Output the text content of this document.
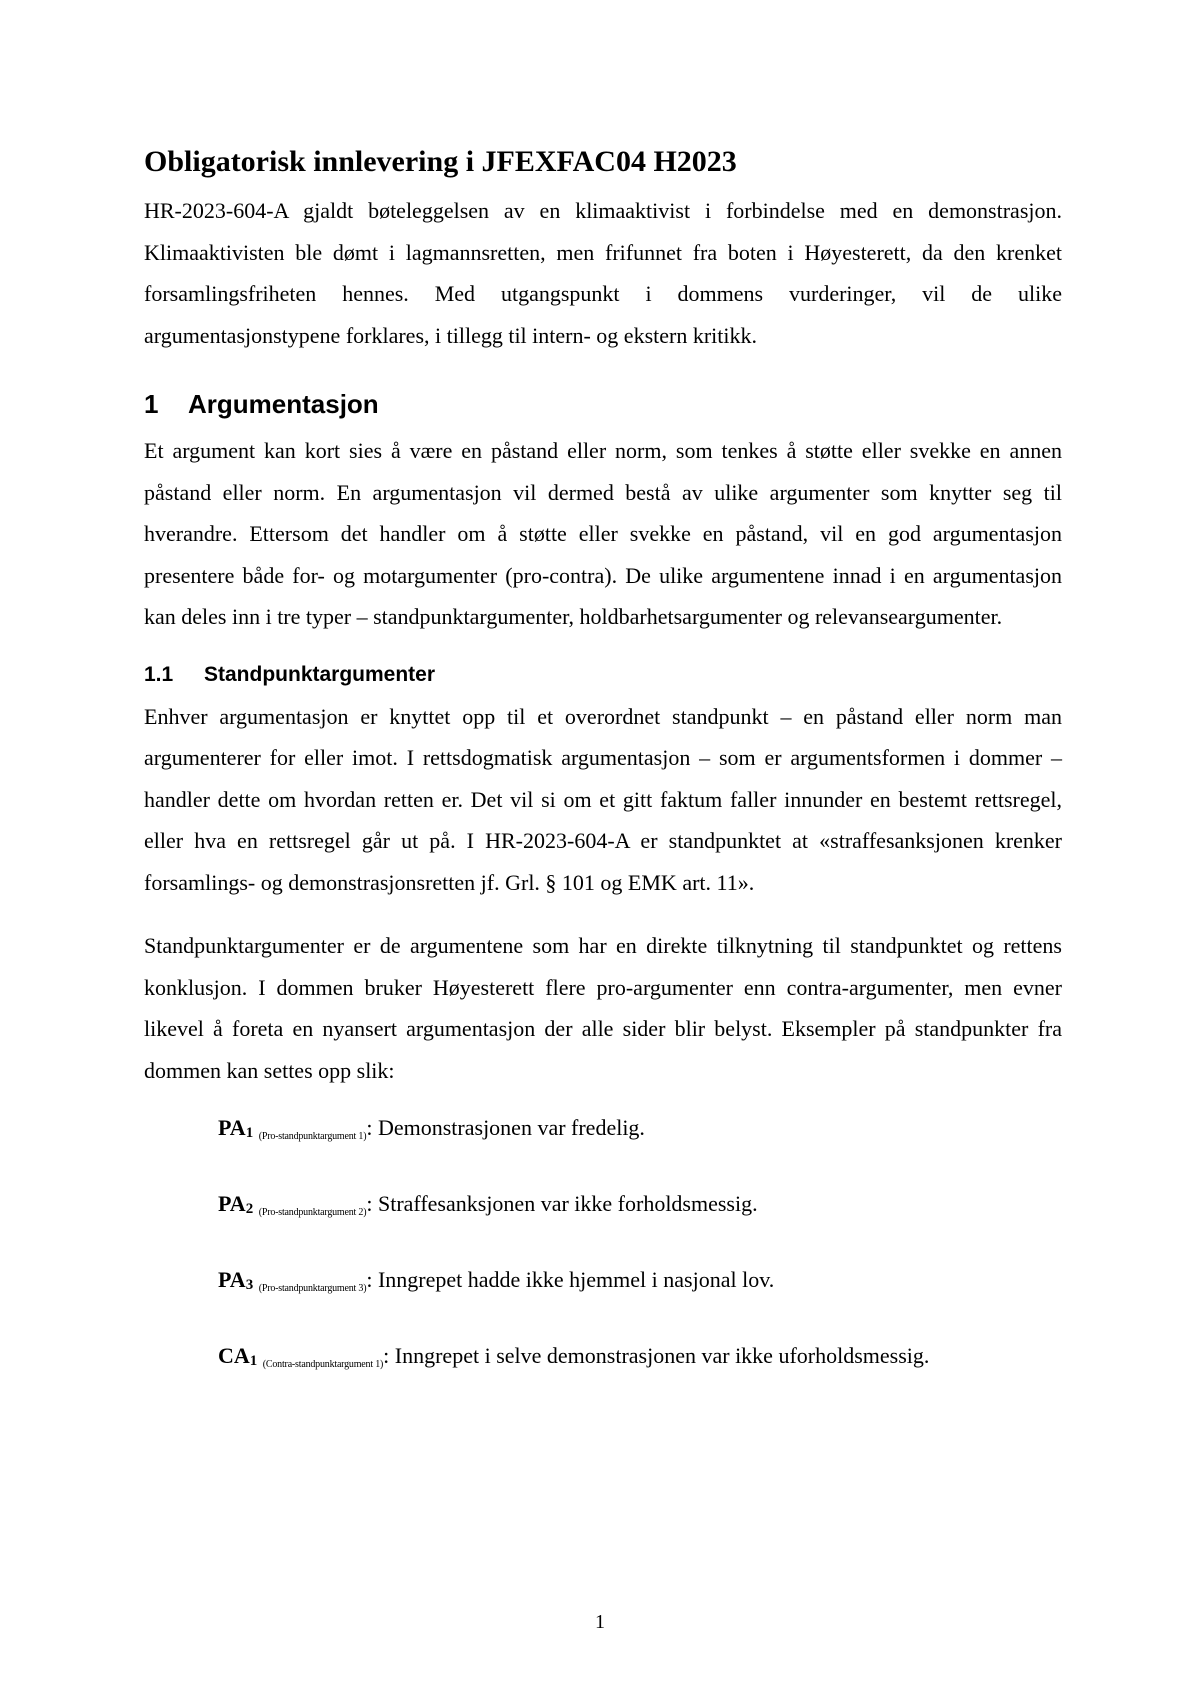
Obligatorisk innlevering i JFEXFAC04 H2023

HR-2023-604-A gjaldt bøteleggelsen av en klimaaktivist i forbindelse med en demonstrasjon. Klimaaktivisten ble dømt i lagmannsretten, men frifunnet fra boten i Høyesterett, da den krenket forsamlingsfriheten hennes. Med utgangspunkt i dommens vurderinger, vil de ulike argumentasjonstypene forklares, i tillegg til intern- og ekstern kritikk.

1 Argumentasjon

Et argument kan kort sies å være en påstand eller norm, som tenkes å støtte eller svekke en annen påstand eller norm. En argumentasjon vil dermed bestå av ulike argumenter som knytter seg til hverandre. Ettersom det handler om å støtte eller svekke en påstand, vil en god argumentasjon presentere både for- og motargumenter (pro-contra). De ulike argumentene innad i en argumentasjon kan deles inn i tre typer – standpunktargumenter, holdbarhetsargumenter og relevanseargumenter.

1.1 Standpunktargumenter

Enhver argumentasjon er knyttet opp til et overordnet standpunkt – en påstand eller norm man argumenterer for eller imot. I rettsdogmatisk argumentasjon – som er argumentsformen i dommer – handler dette om hvordan retten er. Det vil si om et gitt faktum faller innunder en bestemt rettsregel, eller hva en rettsregel går ut på. I HR-2023-604-A er standpunktet at «straffesanksjonen krenker forsamlings- og demonstrasjonsretten jf. Grl. § 101 og EMK art. 11».

Standpunktargumenter er de argumentene som har en direkte tilknytning til standpunktet og rettens konklusjon. I dommen bruker Høyesterett flere pro-argumenter enn contra-argumenter, men evner likevel å foreta en nyansert argumentasjon der alle sider blir belyst. Eksempler på standpunkter fra dommen kan settes opp slik:

$PA_1$ (Pro-standpunktargument 1): Demonstrasjonen var fredelig.
$PA_2$ (Pro-standpunktargument 2): Straffesanksjonen var ikke forholdsmessig.
$PA_3$ (Pro-standpunktargument 3): Inngrepet hadde ikke hjemmel i nasjonal lov.
$CA_1$ (Contra-standpunktargument 1): Inngrepet i selve demonstrasjonen var ikke uforholdsmessig.
1
